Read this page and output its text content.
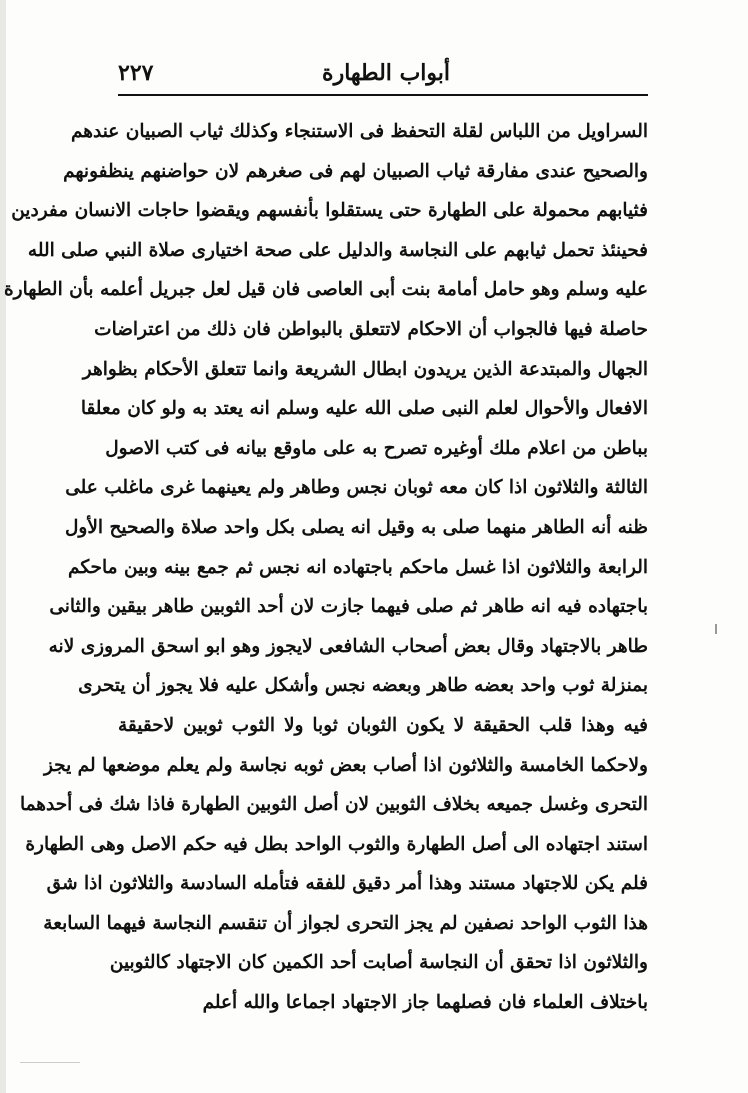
أبواب الطهارة
٢٢٧
السراويل من اللباس لقلة التحفظ فى الاستنجاء وكذلك ثياب الصبيان عندهم
والصحيح عندى مفارقة ثياب الصبيان لهم فى صغرهم لان حواضنهم ينظفونهم
فثيابهم محمولة على الطهارة حتى يستقلوا بأنفسهم ويقضوا حاجات الانسان مفردين
فحينئذ تحمل ثيابهم على النجاسة والدليل على صحة اختيارى صلاة النبي صلى الله
عليه وسلم وهو حامل أمامة بنت أبى العاصى فان قيل لعل جبريل أعلمه بأن الطهارة
حاصلة فيها فالجواب أن الاحكام لاتتعلق بالبواطن فان ذلك من اعتراضات
الجهال والمبتدعة الذين يريدون ابطال الشريعة وانما تتعلق الأحكام بظواهر
الافعال والأحوال لعلم النبى صلى الله عليه وسلم انه يعتد به ولو كان معلقا
بباطن من اعلام ملك أوغيره تصرح به على ماوقع بيانه فى كتب الاصول
الثالثة والثلاثون اذا كان معه ثوبان نجس وطاهر ولم يعينهما غرى ماغلب على
ظنه أنه الطاهر منهما صلى به وقيل انه يصلى بكل واحد صلاة والصحيح الأول
الرابعة والثلاثون اذا غسل ماحكم باجتهاده انه نجس ثم جمع بينه وبين ماحكم
باجتهاده فيه انه طاهر ثم صلى فيهما جازت لان أحد الثوبين طاهر بيقين والثانى
طاهر بالاجتهاد وقال بعض أصحاب الشافعى لايجوز وهو ابو اسحق المروزى لانه
بمنزلة ثوب واحد بعضه طاهر وبعضه نجس وأشكل عليه فلا يجوز أن يتحرى
فيه وهذا قلب الحقيقة لا يكون الثوبان ثوبا ولا الثوب ثوبين لاحقيقة
ولاحكما الخامسة والثلاثون اذا أصاب بعض ثوبه نجاسة ولم يعلم موضعها لم يجز
التحرى وغسل جميعه بخلاف الثوبين لان أصل الثوبين الطهارة فاذا شك فى أحدهما
استند اجتهاده الى أصل الطهارة والثوب الواحد بطل فيه حكم الاصل وهى الطهارة
فلم يكن للاجتهاد مستند وهذا أمر دقيق للفقه فتأمله السادسة والثلاثون اذا شق
هذا الثوب الواحد نصفين لم يجز التحرى لجواز أن تنقسم النجاسة فيهما السابعة
والثلاثون اذا تحقق أن النجاسة أصابت أحد الكمين كان الاجتهاد كالثوبين
باختلاف العلماء فان فصلهما جاز الاجتهاد اجماعا والله أعلم
